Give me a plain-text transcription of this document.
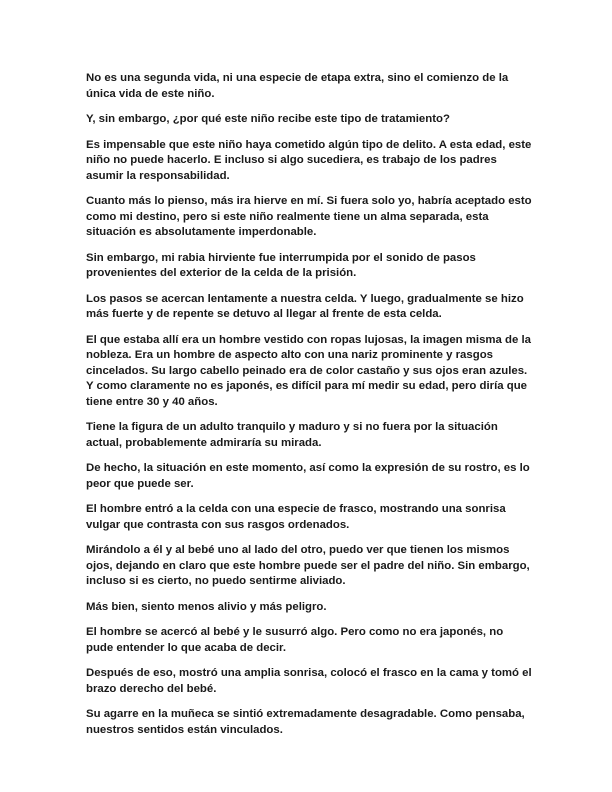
No es una segunda vida, ni una especie de etapa extra, sino el comienzo de la única vida de este niño.

Y, sin embargo, ¿por qué este niño recibe este tipo de tratamiento?

Es impensable que este niño haya cometido algún tipo de delito. A esta edad, este niño no puede hacerlo. E incluso si algo sucediera, es trabajo de los padres asumir la responsabilidad.

Cuanto más lo pienso, más ira hierve en mí. Si fuera solo yo, habría aceptado esto como mi destino, pero si este niño realmente tiene un alma separada, esta situación es absolutamente imperdonable.

Sin embargo, mi rabia hirviente fue interrumpida por el sonido de pasos provenientes del exterior de la celda de la prisión.

Los pasos se acercan lentamente a nuestra celda. Y luego, gradualmente se hizo más fuerte y de repente se detuvo al llegar al frente de esta celda.

El que estaba allí era un hombre vestido con ropas lujosas, la imagen misma de la nobleza. Era un hombre de aspecto alto con una nariz prominente y rasgos cincelados. Su largo cabello peinado era de color castaño y sus ojos eran azules. Y como claramente no es japonés, es difícil para mí medir su edad, pero diría que tiene entre 30 y 40 años.

Tiene la figura de un adulto tranquilo y maduro y si no fuera por la situación actual, probablemente admiraría su mirada.

De hecho, la situación en este momento, así como la expresión de su rostro, es lo peor que puede ser.

El hombre entró a la celda con una especie de frasco, mostrando una sonrisa vulgar que contrasta con sus rasgos ordenados.

Mirándolo a él y al bebé uno al lado del otro, puedo ver que tienen los mismos ojos, dejando en claro que este hombre puede ser el padre del niño. Sin embargo, incluso si es cierto, no puedo sentirme aliviado.

Más bien, siento menos alivio y más peligro.

El hombre se acercó al bebé y le susurró algo. Pero como no era japonés, no pude entender lo que acaba de decir.

Después de eso, mostró una amplia sonrisa, colocó el frasco en la cama y tomó el brazo derecho del bebé.

Su agarre en la muñeca se sintió extremadamente desagradable. Como pensaba, nuestros sentidos están vinculados.
